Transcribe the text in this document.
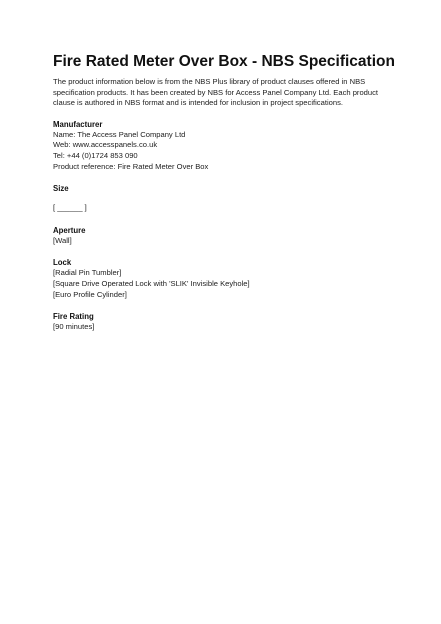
Fire Rated Meter Over Box - NBS Specification

The product information below is from the NBS Plus library of product clauses offered in NBS specification products. It has been created by NBS for Access Panel Company Ltd. Each product clause is authored in NBS format and is intended for inclusion in project specifications.

Manufacturer
Name: The Access Panel Company Ltd
Web: www.accesspanels.co.uk
Tel: +44 (0)1724 853 090
Product reference: Fire Rated Meter Over Box
Size
[ ______ ]
Aperture
[Wall]
Lock
[Radial Pin Tumbler]
[Square Drive Operated Lock with 'SLIK' Invisible Keyhole]
[Euro Profile Cylinder]
Fire Rating
[90 minutes]
